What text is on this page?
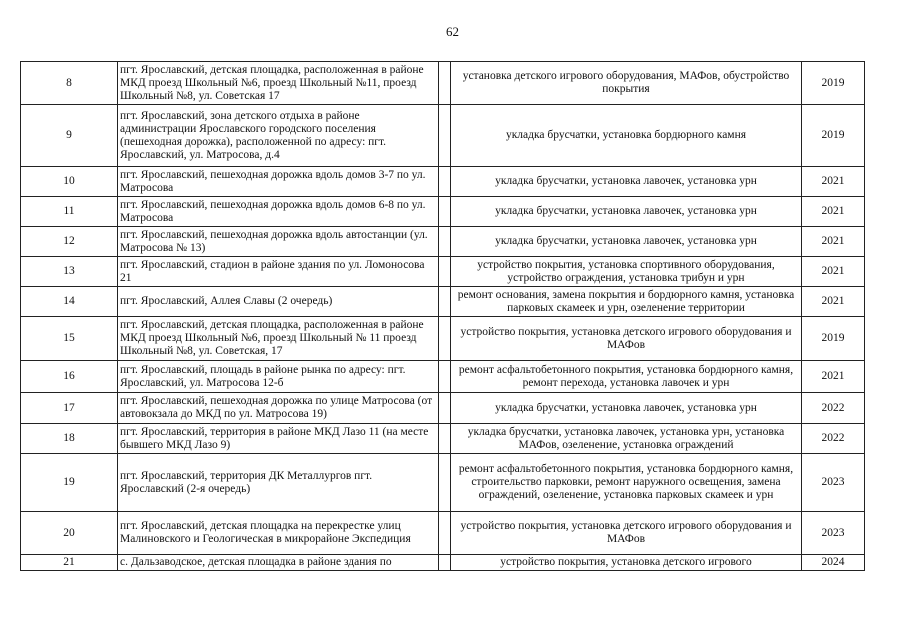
62
8	пгт. Ярославский, детская площадка, расположенная в районе МКД проезд Школьный №6, проезд Школьный №11, проезд Школьный №8, ул. Советская 17		установка детского игрового оборудования, МАФов, обустройство покрытия	2019
9	пгт. Ярославский, зона детского отдыха в районе администрации Ярославского городского поселения (пешеходная дорожка), расположенной по адресу: пгт. Ярославский, ул. Матросова, д.4		укладка брусчатки, установка бордюрного камня	2019
10	пгт. Ярославский, пешеходная дорожка вдоль домов 3-7 по ул. Матросова		укладка брусчатки, установка лавочек, установка урн	2021
11	пгт. Ярославский, пешеходная дорожка вдоль домов 6-8 по ул. Матросова		укладка брусчатки, установка лавочек, установка урн	2021
12	пгт. Ярославский, пешеходная дорожка вдоль автостанции (ул. Матросова № 13)		укладка брусчатки, установка лавочек, установка урн	2021
13	пгт. Ярославский, стадион в районе здания по ул. Ломоносова 21		устройство покрытия, установка спортивного оборудования, устройство ограждения, установка трибун и урн	2021
14	пгт. Ярославский, Аллея Славы (2 очередь)		ремонт основания, замена покрытия и бордюрного камня, установка парковых скамеек и урн, озеленение территории	2021
15	пгт. Ярославский, детская площадка, расположенная в районе МКД проезд Школьный №6, проезд Школьный № 11 проезд Школьный №8, ул. Советская, 17		устройство покрытия, установка детского игрового оборудования и МАФов	2019
16	пгт. Ярославский, площадь в районе рынка по адресу: пгт. Ярославский, ул. Матросова 12-б		ремонт асфальтобетонного покрытия, установка бордюрного камня, ремонт перехода, установка лавочек и урн	2021
17	пгт. Ярославский, пешеходная дорожка по улице Матросова (от автовокзала до МКД по ул. Матросова 19)		укладка брусчатки, установка лавочек, установка урн	2022
18	пгт. Ярославский, территория в районе МКД Лазо 11 (на месте бывшего МКД Лазо 9)		укладка брусчатки, установка лавочек, установка урн, установка МАФов, озеленение, установка ограждений	2022
19	пгт. Ярославский, территория ДК Металлургов пгт. Ярославский (2-я очередь)		ремонт асфальтобетонного покрытия, установка бордюрного камня, строительство парковки, ремонт наружного освещения, замена ограждений, озеленение, установка парковых скамеек и урн	2023
20	пгт. Ярославский, детская площадка на перекрестке улиц Малиновского и Геологическая в микрорайоне Экспедиция		устройство покрытия, установка детского игрового оборудования и МАФов	2023
21	с. Дальзаводское, детская площадка в районе здания по		устройство покрытия, установка детского игрового	2024
